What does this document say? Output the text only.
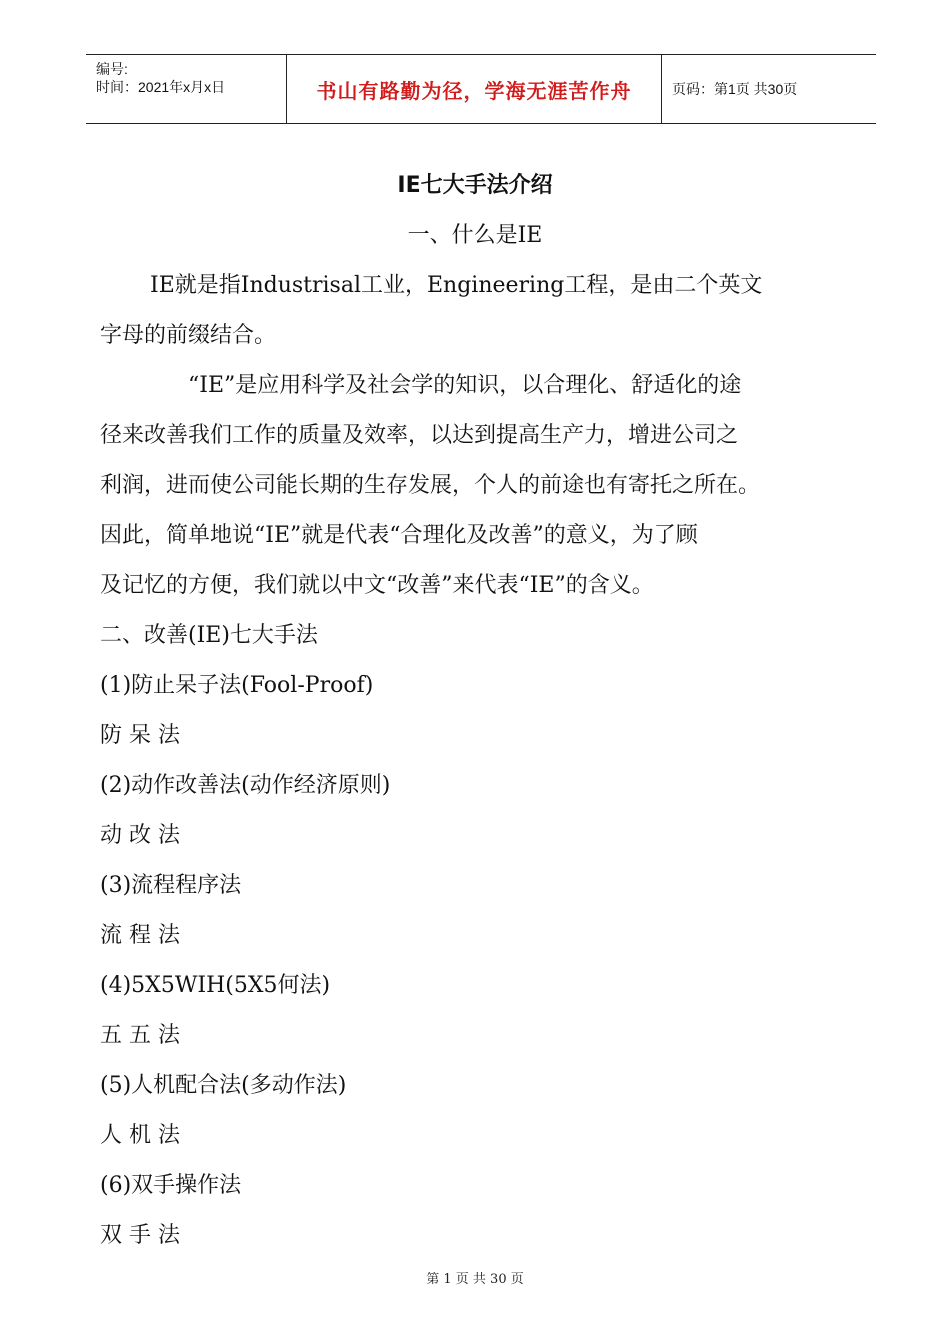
编号:
时间：2021年x月x日	书山有路勤为径，学海无涯苦作舟	页码：第1页 共30页
IE七大手法介绍
一、什么是IE
IE就是指Industrisal工业，Engineering工程，是由二个英文
字母的前缀结合。
“IE”是应用科学及社会学的知识，以合理化、舒适化的途
径来改善我们工作的质量及效率，以达到提高生产力，增进公司之
利润，进而使公司能长期的生存发展，个人的前途也有寄托之所在。
因此，简单地说“IE”就是代表“合理化及改善”的意义，为了顾
及记忆的方便，我们就以中文“改善”来代表“IE”的含义。
二、改善(IE)七大手法
(1)防止呆子法(Fool-Proof)
防 呆 法
(2)动作改善法(动作经济原则)
动 改 法
(3)流程程序法
流 程 法
(4)5X5WIH(5X5何法)
五 五 法
(5)人机配合法(多动作法)
人 机 法
(6)双手操作法
双 手 法
第 1 页 共 30 页
